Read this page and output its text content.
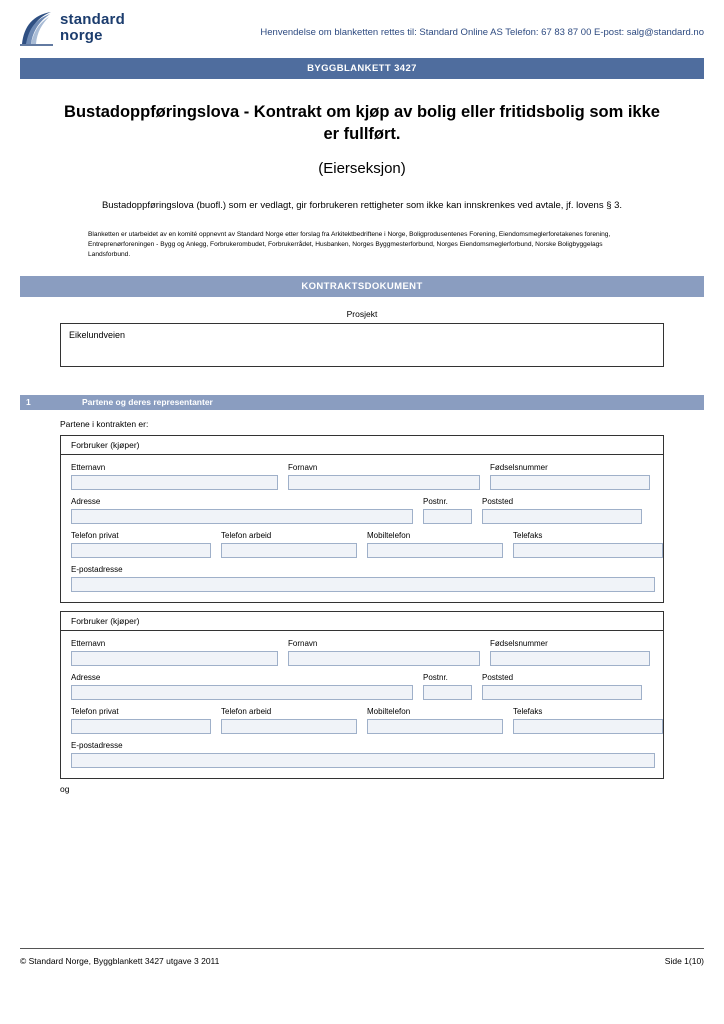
standard
norge	Henvendelse om blanketten rettes til: Standard Online AS Telefon: 67 83 87 00 E-post: salg@standard.no
BYGGBLANKETT 3427
Bustadoppføringslova - Kontrakt om kjøp av bolig eller fritidsbolig som ikke er fullført.
(Eierseksjon)
Bustadoppføringslova (buofl.) som er vedlagt, gir forbrukeren rettigheter som ikke kan innskrenkes ved avtale, jf. lovens § 3.
Blanketten er utarbeidet av en komité oppnevnt av Standard Norge etter forslag fra Arkitektbedriftene i Norge, Boligprodusentenes Forening, Eiendomsmeglerforetakenes forening, Entreprenørforeningen - Bygg og Anlegg, Forbrukerombudet, Forbrukerrådet, Husbanken, Norges Byggmesterforbund, Norges Eiendomsmeglerforbund, Norske Boligbyggelags Landsforbund.
KONTRAKTSDOKUMENT
Prosjekt
Eikelundveien
1	Partene og deres representanter
Partene i kontrakten er:
Forbruker (kjøper)
Etternavn	Fornavn	Fødselsnummer
Adresse	Postnr.	Poststed
Telefon privat	Telefon arbeid	Mobiltelefon	Telefaks
E-postadresse
Forbruker (kjøper)
Etternavn	Fornavn	Fødselsnummer
Adresse	Postnr.	Poststed
Telefon privat	Telefon arbeid	Mobiltelefon	Telefaks
E-postadresse
og
© Standard Norge, Byggblankett 3427 utgave 3 2011	Side 1(10)
